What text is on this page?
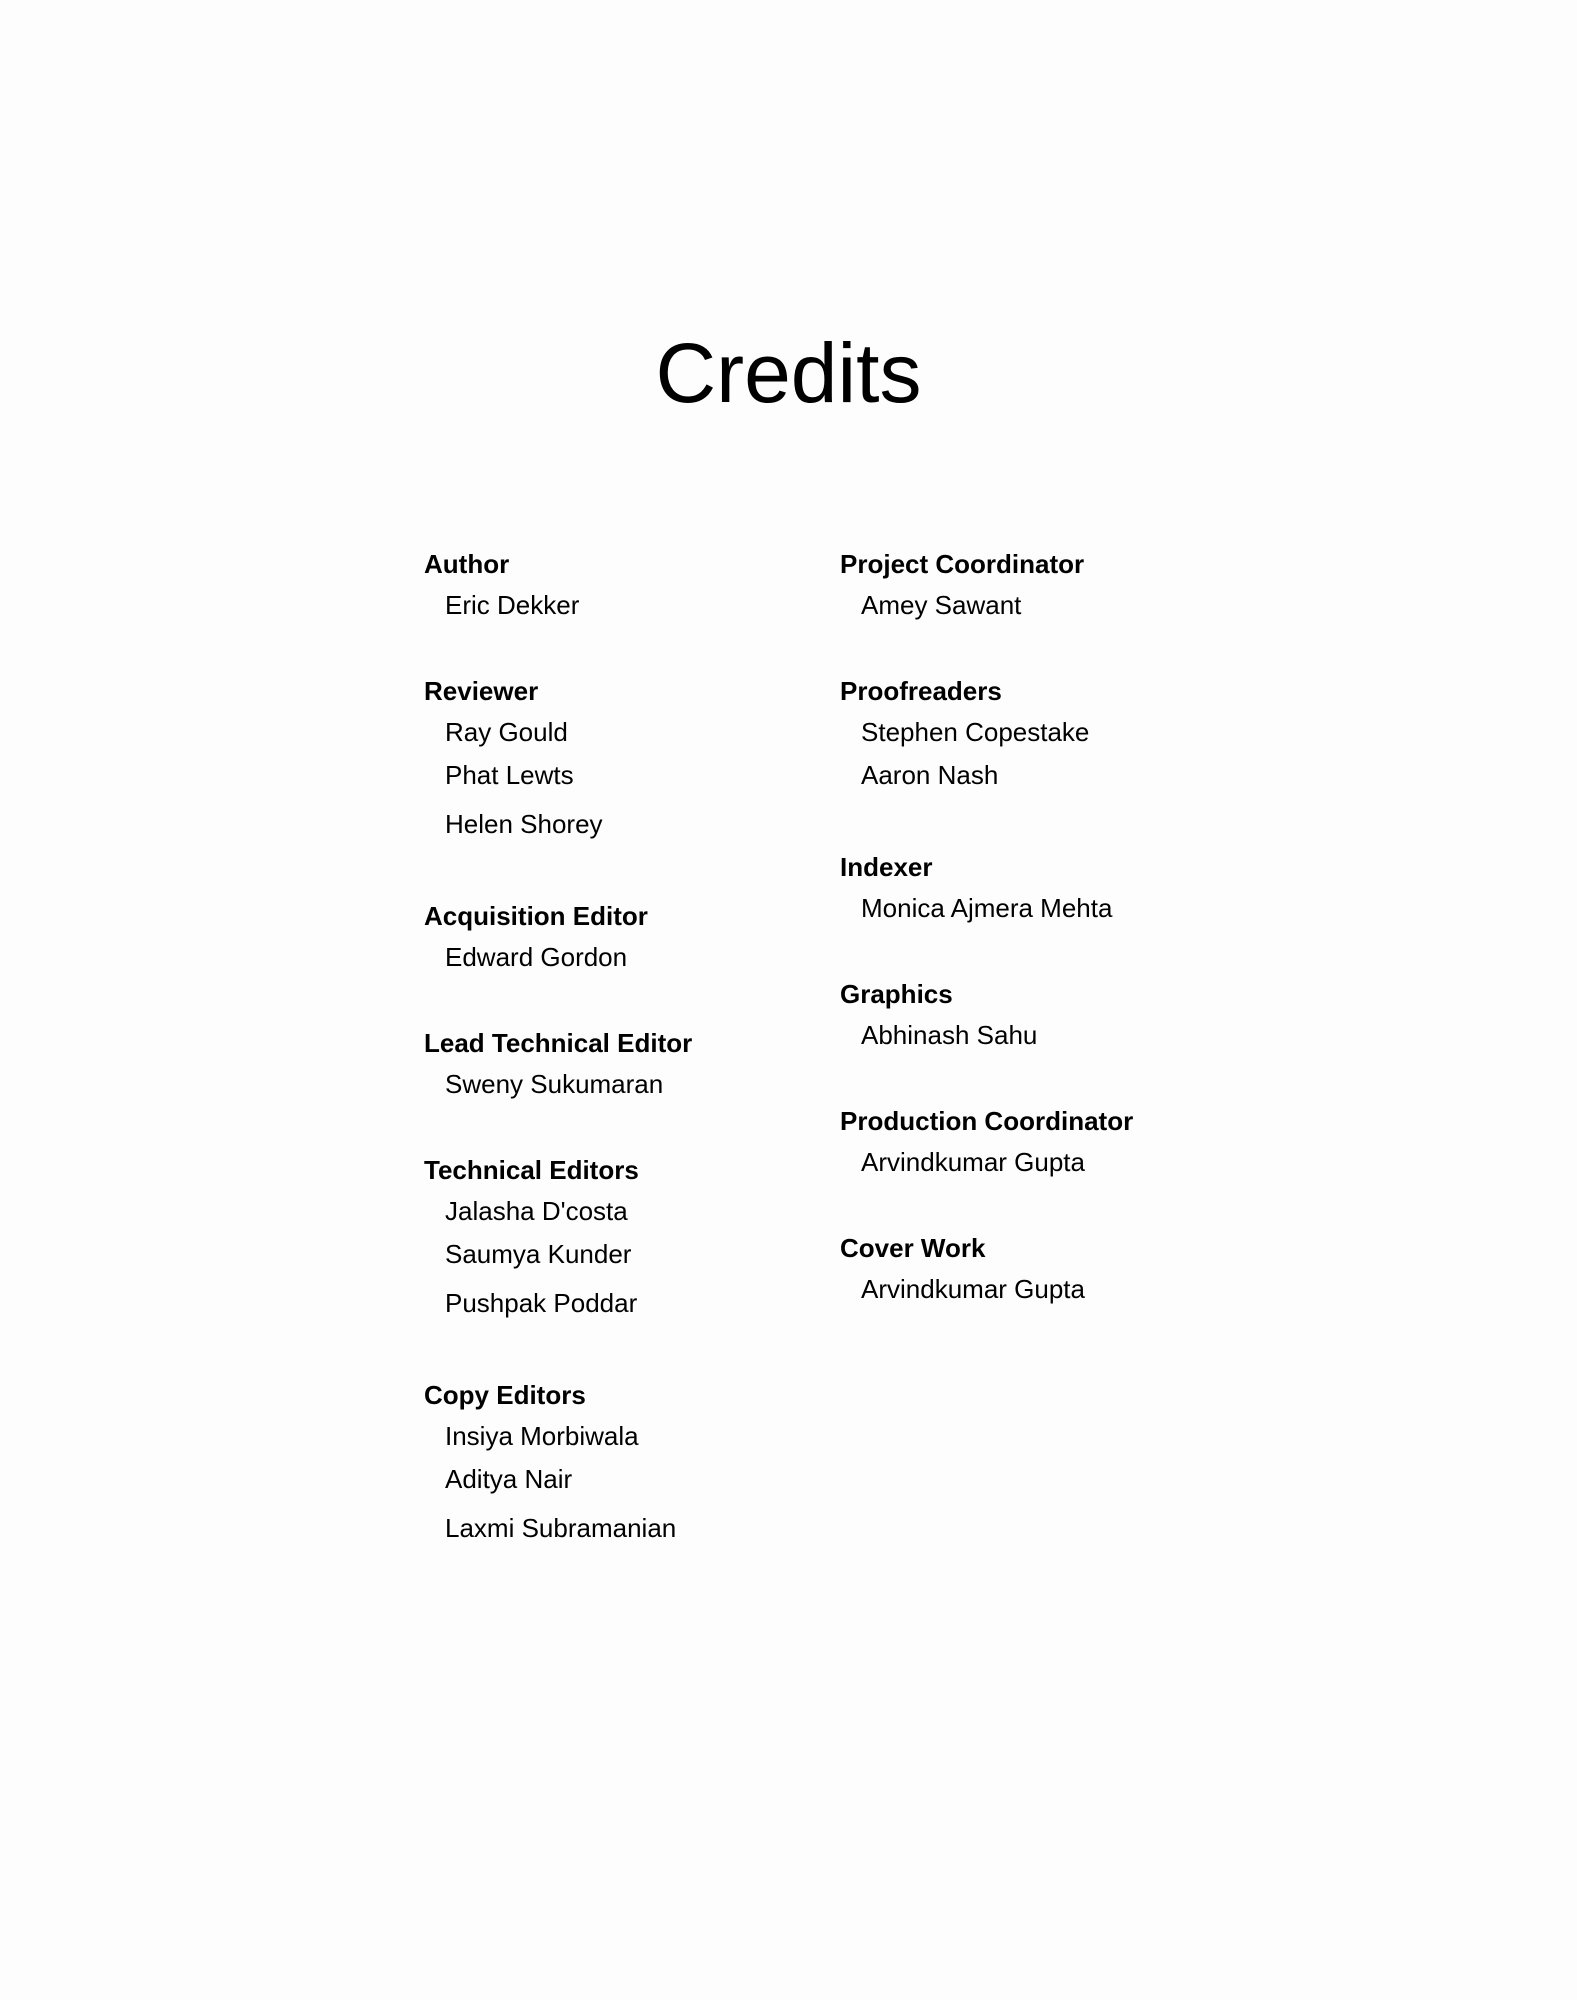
Credits
Author
Eric Dekker
Reviewer
Ray Gould
Phat Lewts
Helen Shorey
Acquisition Editor
Edward Gordon
Lead Technical Editor
Sweny Sukumaran
Technical Editors
Jalasha D'costa
Saumya Kunder
Pushpak Poddar
Copy Editors
Insiya Morbiwala
Aditya Nair
Laxmi Subramanian
Project Coordinator
Amey Sawant
Proofreaders
Stephen Copestake
Aaron Nash
Indexer
Monica Ajmera Mehta
Graphics
Abhinash Sahu
Production Coordinator
Arvindkumar Gupta
Cover Work
Arvindkumar Gupta
